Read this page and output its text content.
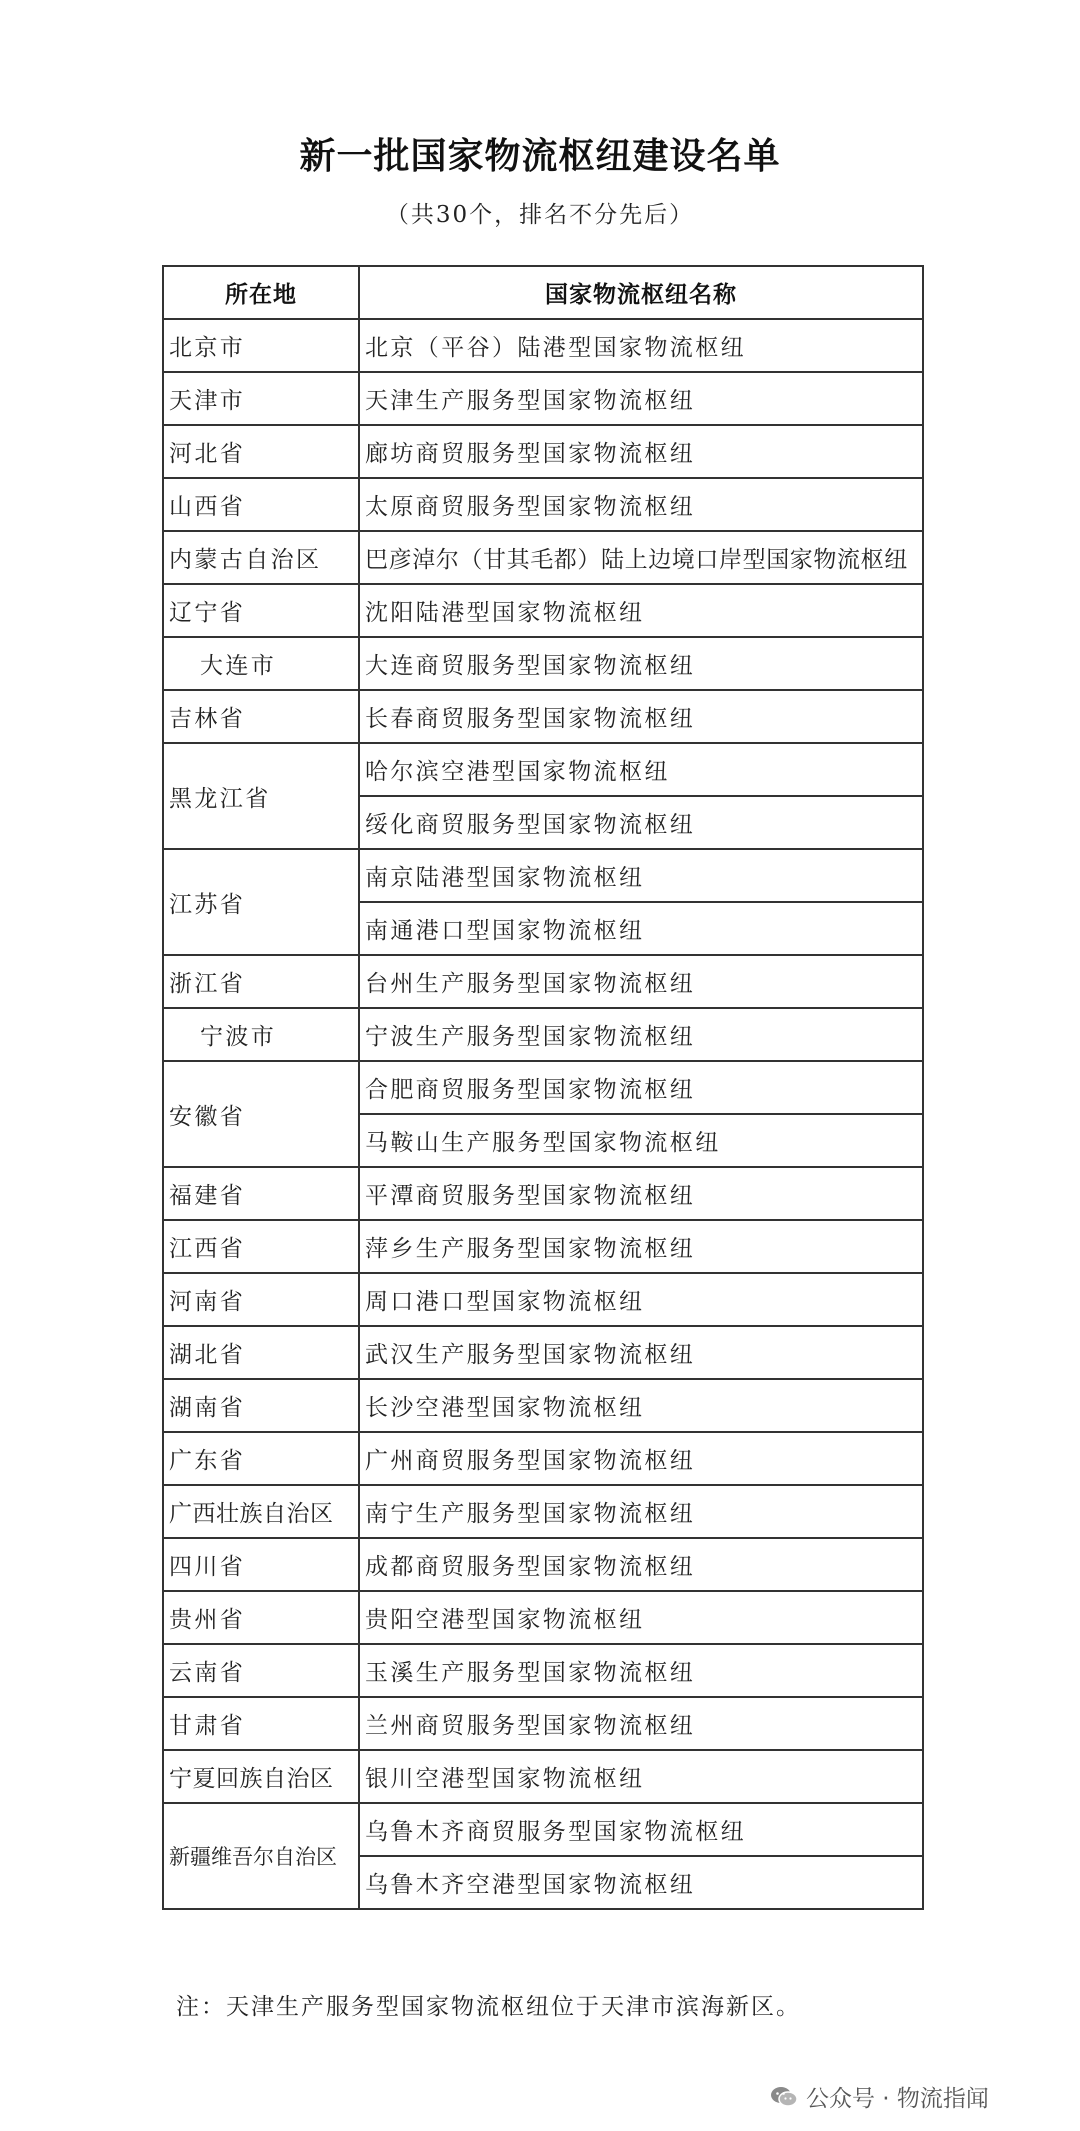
新一批国家物流枢纽建设名单
（共30个，排名不分先后）
所在地	国家物流枢纽名称
北京市	北京（平谷）陆港型国家物流枢纽
天津市	天津生产服务型国家物流枢纽
河北省	廊坊商贸服务型国家物流枢纽
山西省	太原商贸服务型国家物流枢纽
内蒙古自治区	巴彦淖尔（甘其毛都）陆上边境口岸型国家物流枢纽
辽宁省	沈阳陆港型国家物流枢纽
大连市	大连商贸服务型国家物流枢纽
吉林省	长春商贸服务型国家物流枢纽
黑龙江省	哈尔滨空港型国家物流枢纽
	绥化商贸服务型国家物流枢纽
江苏省	南京陆港型国家物流枢纽
	南通港口型国家物流枢纽
浙江省	台州生产服务型国家物流枢纽
宁波市	宁波生产服务型国家物流枢纽
安徽省	合肥商贸服务型国家物流枢纽
	马鞍山生产服务型国家物流枢纽
福建省	平潭商贸服务型国家物流枢纽
江西省	萍乡生产服务型国家物流枢纽
河南省	周口港口型国家物流枢纽
湖北省	武汉生产服务型国家物流枢纽
湖南省	长沙空港型国家物流枢纽
广东省	广州商贸服务型国家物流枢纽
广西壮族自治区	南宁生产服务型国家物流枢纽
四川省	成都商贸服务型国家物流枢纽
贵州省	贵阳空港型国家物流枢纽
云南省	玉溪生产服务型国家物流枢纽
甘肃省	兰州商贸服务型国家物流枢纽
宁夏回族自治区	银川空港型国家物流枢纽
新疆维吾尔自治区	乌鲁木齐商贸服务型国家物流枢纽
	乌鲁木齐空港型国家物流枢纽
注：天津生产服务型国家物流枢纽位于天津市滨海新区。
公众号 · 物流指闻
